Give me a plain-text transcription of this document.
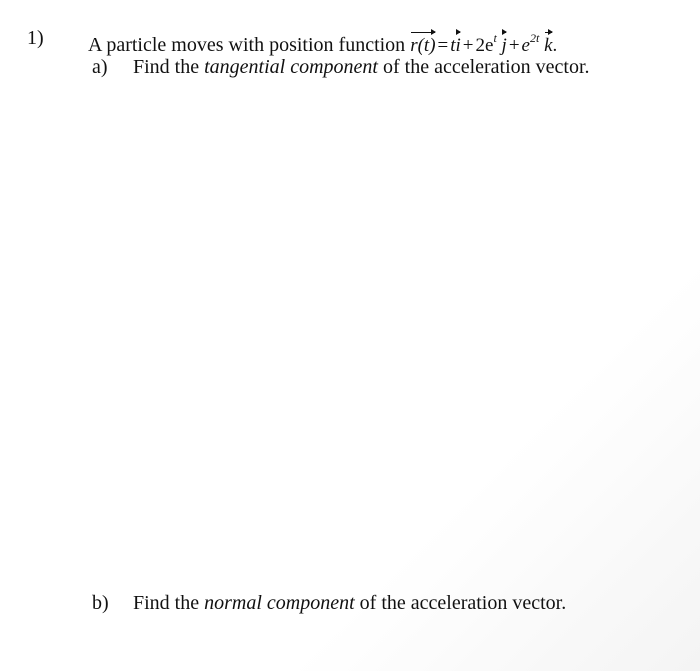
1) A particle moves with position function r(t) = ti + $2e^t$ $j + e^{2t}$ k.
a) Find the tangential component of the acceleration vector.
b) Find the normal component of the acceleration vector.
